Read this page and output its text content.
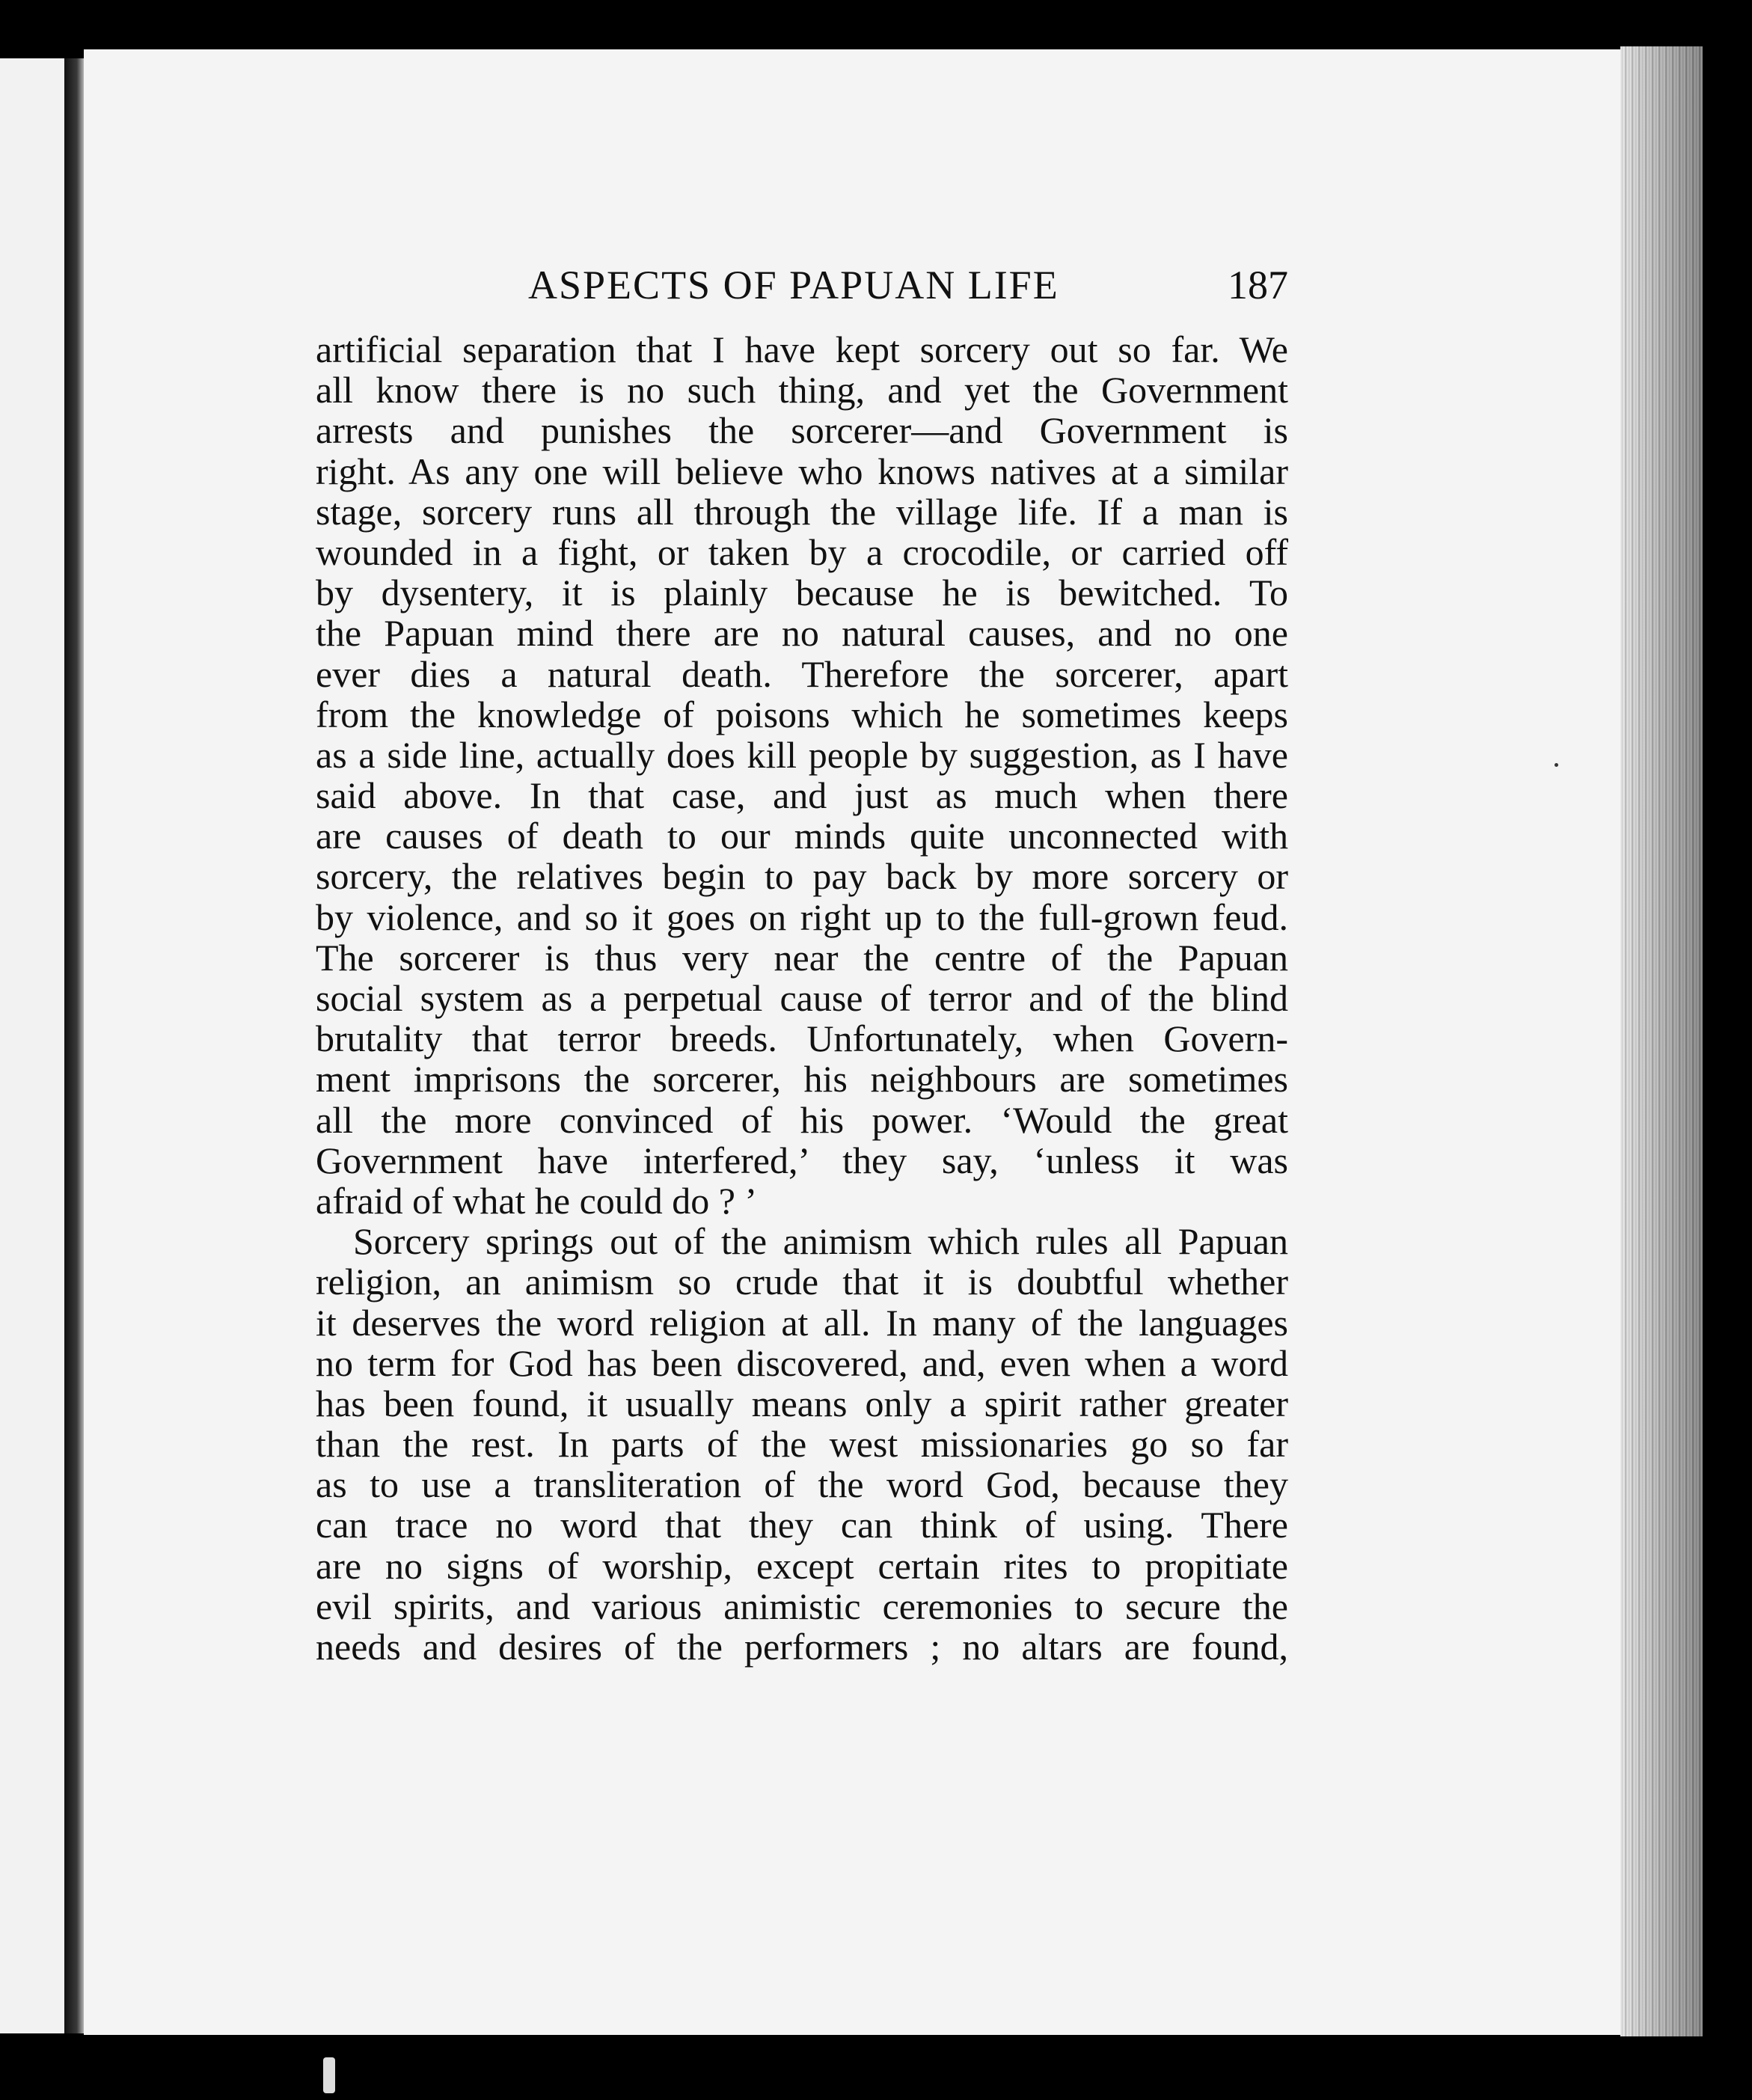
ASPECTS OF PAPUAN LIFE	187
artificial separation that I have kept sorcery out so far. We
all know there is no such thing, and yet the Government
arrests and punishes the sorcerer—and Government is
right. As any one will believe who knows natives at a similar
stage, sorcery runs all through the village life. If a man is
wounded in a fight, or taken by a crocodile, or carried off
by dysentery, it is plainly because he is bewitched. To
the Papuan mind there are no natural causes, and no one
ever dies a natural death. Therefore the sorcerer, apart
from the knowledge of poisons which he sometimes keeps
as a side line, actually does kill people by suggestion, as I have
said above. In that case, and just as much when there
are causes of death to our minds quite unconnected with
sorcery, the relatives begin to pay back by more sorcery or
by violence, and so it goes on right up to the full-grown feud.
The sorcerer is thus very near the centre of the Papuan
social system as a perpetual cause of terror and of the blind
brutality that terror breeds. Unfortunately, when Govern-
ment imprisons the sorcerer, his neighbours are sometimes
all the more convinced of his power. ‘Would the great
Government have interfered,’ they say, ‘unless it was
afraid of what he could do ? ’
Sorcery springs out of the animism which rules all Papuan
religion, an animism so crude that it is doubtful whether
it deserves the word religion at all. In many of the languages
no term for God has been discovered, and, even when a word
has been found, it usually means only a spirit rather greater
than the rest. In parts of the west missionaries go so far
as to use a transliteration of the word God, because they
can trace no word that they can think of using. There
are no signs of worship, except certain rites to propitiate
evil spirits, and various animistic ceremonies to secure the
needs and desires of the performers ; no altars are found,
